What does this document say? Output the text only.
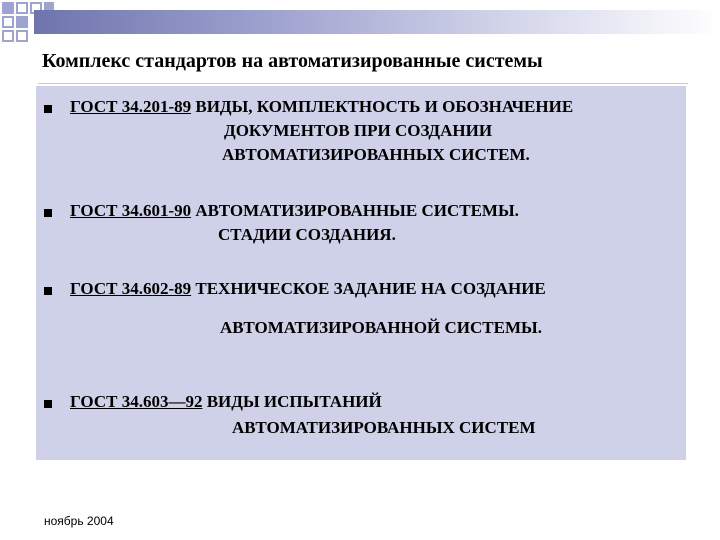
Комплекс стандартов на автоматизированные системы
ГОСТ 34.201-89 ВИДЫ, КОМПЛЕКТНОСТЬ И ОБОЗНАЧЕНИЕ
ДОКУМЕНТОВ ПРИ СОЗДАНИИ
АВТОМАТИЗИРОВАННЫХ СИСТЕМ.
ГОСТ 34.601-90 АВТОМАТИЗИРОВАННЫЕ СИСТЕМЫ.
СТАДИИ СОЗДАНИЯ.
ГОСТ 34.602-89 ТЕХНИЧЕСКОЕ ЗАДАНИЕ НА СОЗДАНИЕ
АВТОМАТИЗИРОВАННОЙ СИСТЕМЫ.
ГОСТ 34.603—92 ВИДЫ ИСПЫТАНИЙ
АВТОМАТИЗИРОВАННЫХ СИСТЕМ
ноябрь 2004
